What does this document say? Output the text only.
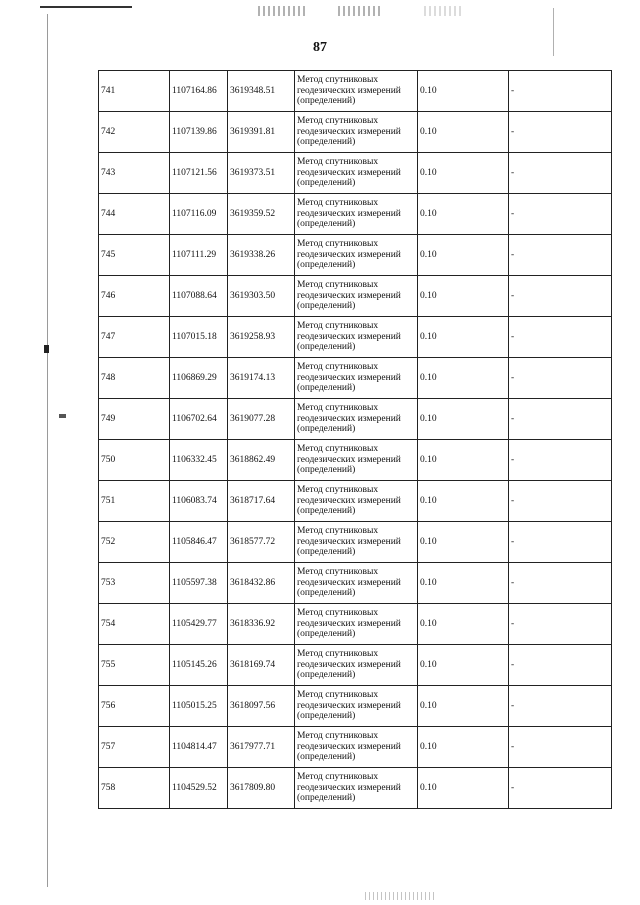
87
741	1107164.86	3619348.51	Метод спутниковых
геодезических измерений
(определений)	0.10	-
742	1107139.86	3619391.81	Метод спутниковых
геодезических измерений
(определений)	0.10	-
743	1107121.56	3619373.51	Метод спутниковых
геодезических измерений
(определений)	0.10	-
744	1107116.09	3619359.52	Метод спутниковых
геодезических измерений
(определений)	0.10	-
745	1107111.29	3619338.26	Метод спутниковых
геодезических измерений
(определений)	0.10	-
746	1107088.64	3619303.50	Метод спутниковых
геодезических измерений
(определений)	0.10	-
747	1107015.18	3619258.93	Метод спутниковых
геодезических измерений
(определений)	0.10	-
748	1106869.29	3619174.13	Метод спутниковых
геодезических измерений
(определений)	0.10	-
749	1106702.64	3619077.28	Метод спутниковых
геодезических измерений
(определений)	0.10	-
750	1106332.45	3618862.49	Метод спутниковых
геодезических измерений
(определений)	0.10	-
751	1106083.74	3618717.64	Метод спутниковых
геодезических измерений
(определений)	0.10	-
752	1105846.47	3618577.72	Метод спутниковых
геодезических измерений
(определений)	0.10	-
753	1105597.38	3618432.86	Метод спутниковых
геодезических измерений
(определений)	0.10	-
754	1105429.77	3618336.92	Метод спутниковых
геодезических измерений
(определений)	0.10	-
755	1105145.26	3618169.74	Метод спутниковых
геодезических измерений
(определений)	0.10	-
756	1105015.25	3618097.56	Метод спутниковых
геодезических измерений
(определений)	0.10	-
757	1104814.47	3617977.71	Метод спутниковых
геодезических измерений
(определений)	0.10	-
758	1104529.52	3617809.80	Метод спутниковых
геодезических измерений
(определений)	0.10	-
